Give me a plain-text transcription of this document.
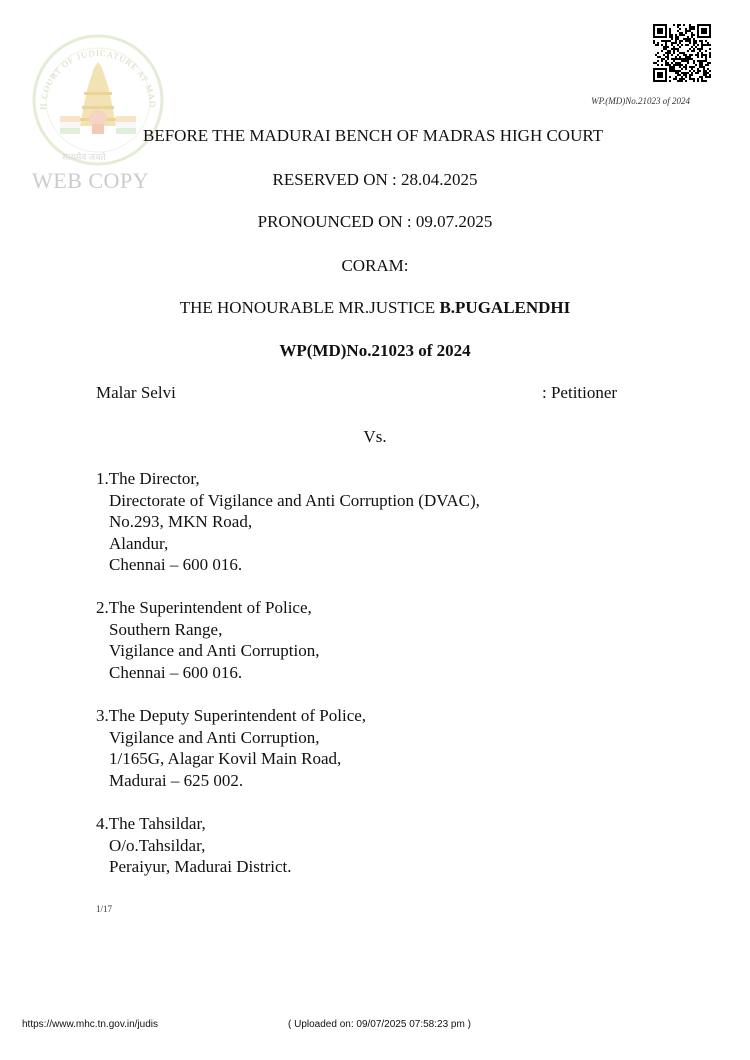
H COURT OF JUDICATURE AT MAD
सत्यमेव जयते
WEB COPY
WP.(MD)No.21023 of 2024
BEFORE THE MADURAI BENCH OF MADRAS HIGH COURT
RESERVED ON : 28.04.2025
PRONOUNCED ON : 09.07.2025
CORAM:
THE HONOURABLE MR.JUSTICE B.PUGALENDHI
WP(MD)No.21023 of 2024
Malar Selvi	: Petitioner
Vs.
1.The Director,
Directorate of Vigilance and Anti Corruption (DVAC),
No.293, MKN Road,
Alandur,
Chennai – 600 016.
2.The Superintendent of Police,
Southern Range,
Vigilance and Anti Corruption,
Chennai – 600 016.
3.The Deputy Superintendent of Police,
Vigilance and Anti Corruption,
1/165G, Alagar Kovil Main Road,
Madurai – 625 002.
4.The Tahsildar,
O/o.Tahsildar,
Peraiyur, Madurai District.
1/17
https://www.mhc.tn.gov.in/judis	( Uploaded on: 09/07/2025 07:58:23 pm )
